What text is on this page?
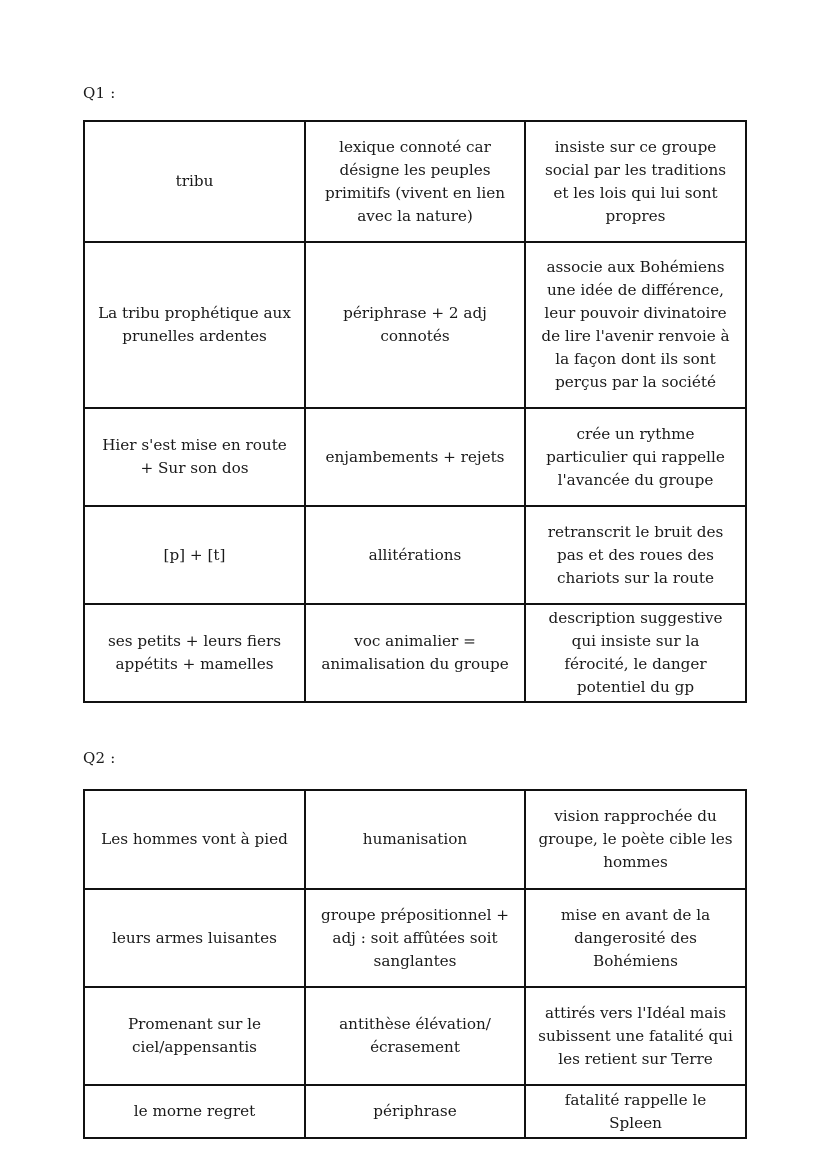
Q1 :
tribu	lexique connoté car désigne les peuples primitifs (vivent en lien avec la nature)	insiste sur ce groupe social par les traditions et les lois qui lui sont propres
La tribu prophétique aux prunelles ardentes	périphrase + 2 adj connotés	associe aux Bohémiens une idée de différence, leur pouvoir divinatoire de lire l'avenir renvoie à la façon dont ils sont perçus par la société
Hier s'est mise en route + Sur son dos	enjambements + rejets	crée un rythme particulier qui rappelle l'avancée du groupe
[p] + [t]	allitérations	retranscrit le bruit des pas et des roues des chariots sur la route
ses petits + leurs fiers appétits + mamelles	voc animalier = animalisation du groupe	description suggestive qui insiste sur la férocité, le danger potentiel du gp
Q2 :
Les hommes vont à pied	humanisation	vision rapprochée du groupe, le poète cible les hommes
leurs armes luisantes	groupe prépositionnel + adj : soit affûtées soit sanglantes	mise en avant de la dangerosité des Bohémiens
Promenant sur le ciel/appensantis	antithèse élévation/ écrasement	attirés vers l'Idéal mais subissent une fatalité qui les retient sur Terre
le morne regret	périphrase	fatalité rappelle le Spleen
